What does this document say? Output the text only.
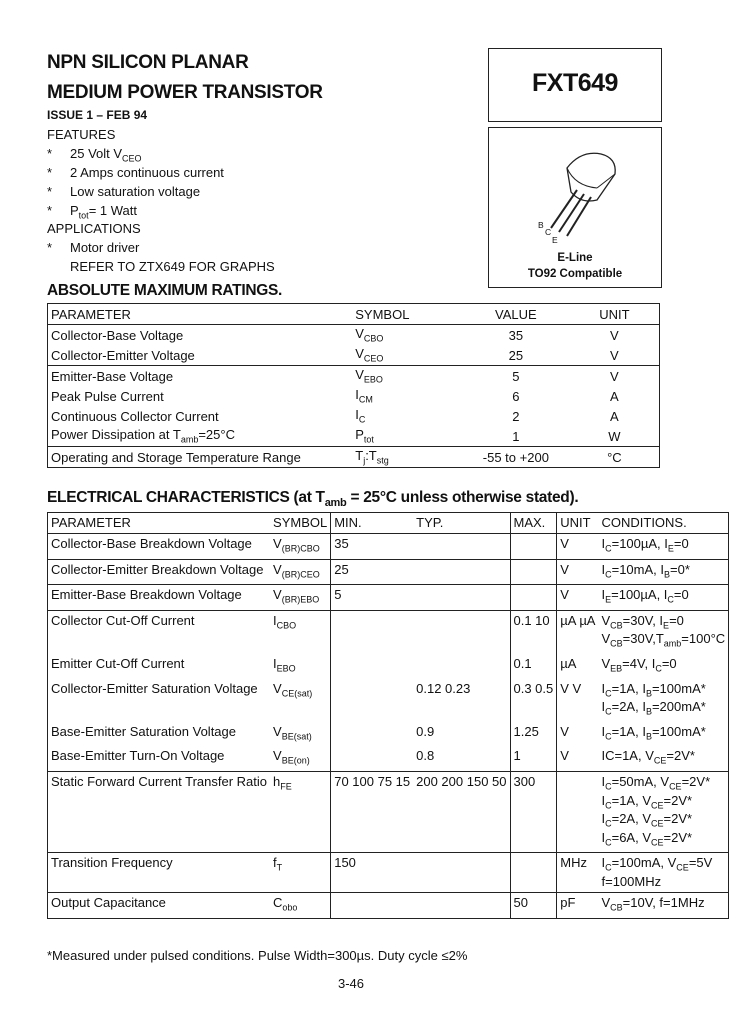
NPN SILICON PLANAR
MEDIUM POWER TRANSISTOR
ISSUE 1 – FEB 94
FXT649
B
C
E
E-Line
TO92 Compatible
FEATURES
* 25 Volt $V_{CEO}$
* 2 Amps continuous current
* Low saturation voltage
* $P_{tot}= 1$ Watt
APPLICATIONS
* Motor driver
REFER TO ZTX649 FOR GRAPHS
ABSOLUTE MAXIMUM RATINGS.
PARAMETER	SYMBOL	VALUE	UNIT
Collector-Base Voltage	$V_{CBO}$	35	V
Collector-Emitter Voltage	$V_{CEO}$	25	V
Emitter-Base Voltage	$V_{EBO}$	5	V
Peak Pulse Current	$I_{CM}$	6	A
Continuous Collector Current	$I_C$	2	A
Power Dissipation at $T_{amb}=25^\circ C$	$P_{tot}$	1	W
Operating and Storage Temperature Range	$T_j:T_{stg}$	-55 to +200	°C
ELECTRICAL CHARACTERISTICS (at $T_{amb} = 25^\circ C$ unless otherwise stated).
PARAMETER	SYMBOL	MIN.	TYP.	MAX.	UNIT	CONDITIONS.
Collector-Base Breakdown Voltage	$V_{(BR)CBO}$	35			V	$I_C=100\mu A$, $I_E=0$

Collector-Emitter Breakdown Voltage	$V_{(BR)CEO}$	25			V	$I_C=10mA$, $I_B=0*$

Emitter-Base Breakdown Voltage	$V_{(BR)EBO}$	5			V	$I_E=100\mu A$, $I_C=0$

Collector Cut-Off Current	$I_{CBO}$			0.1 10	µA µA	$V_{CB}=30V$, $I_E=0$
$V_{CB}=30V,T_{amb}=100^\circ C$

Emitter Cut-Off Current	$I_{EBO}$			0.1	µA	$V_{EB}=4V$, $I_C=0$

Collector-Emitter Saturation Voltage	$V_{CE(sat)}$		0.12 0.23	0.3 0.5	V V	$I_C=1A$, $I_B=100mA*$
$I_C=2A$, $I_B=200mA*$

Base-Emitter Saturation Voltage	$V_{BE(sat)}$		0.9	1.25	V	$I_C=1A$, $I_B=100mA*$

Base-Emitter Turn-On Voltage	$V_{BE(on)}$		0.8	1	V	IC=1A, $V_{CE}=2V*$

Static Forward Current Transfer Ratio	$h_{FE}$	70 100 75 15	200 200 150 50	300		$I_C=50mA$, $V_{CE}=2V*$
$I_C=1A$, $V_{CE}=2V*$
$I_C=2A$, $V_{CE}=2V*$
$I_C=6A$, $V_{CE}=2V*$

Transition Frequency	$f_T$	150			MHz	$I_C=100mA$, $V_{CE}=5V$
f=100MHz

Output Capacitance	$C_{obo}$			50	pF	$V_{CB}=10V$, f=1MHz
*Measured under pulsed conditions. Pulse Width=300µs. Duty cycle ≤2%
3-46
